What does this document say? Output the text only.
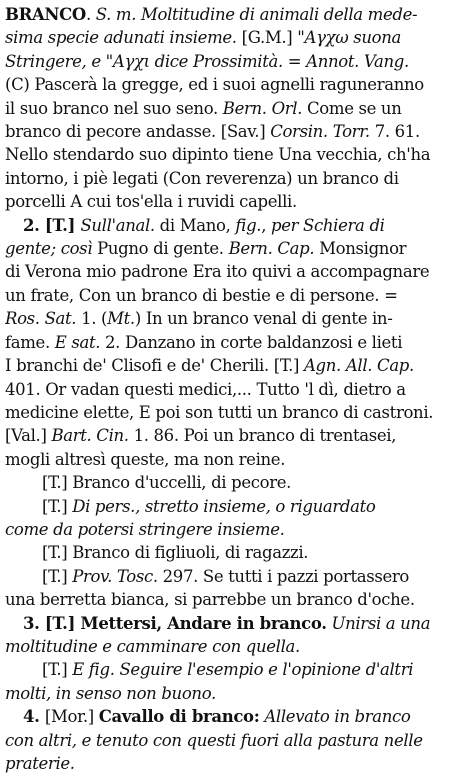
BRANCO. S. m. Moltitudine di animali della mede-
sima specie adunati insieme. [G.M.] "Αγχω suona
Stringere, e "Αγχι dice Prossimità. = Annot. Vang.
(C) Pascerà la gregge, ed i suoi agnelli raguneranno
il suo branco nel suo seno. Bern. Orl. Come se un
branco di pecore andasse. [Sav.] Corsin. Torr. 7. 61.
Nello stendardo suo dipinto tiene Una vecchia, ch'ha
intorno, i piè legati (Con reverenza) un branco di
porcelli A cui tos'ella i ruvidi capelli.
2. [T.] Sull'anal. di Mano, fig., per Schiera di
gente; così Pugno di gente. Bern. Cap. Monsignor
di Verona mio padrone Era ito quivi a accompagnare
un frate, Con un branco di bestie e di persone. =
Ros. Sat. 1. (Mt.) In un branco venal di gente in-
fame. E sat. 2. Danzano in corte baldanzosi e lieti
I branchi de' Clisofi e de' Cherili. [T.] Agn. All. Cap.
401. Or vadan questi medici,... Tutto 'l dì, dietro a
medicine elette, E poi son tutti un branco di castroni.
[Val.] Bart. Cin. 1. 86. Poi un branco di trentasei,
mogli altresì queste, ma non reine.
[T.] Branco d'uccelli, di pecore.
[T.] Di pers., stretto insieme, o riguardato
come da potersi stringere insieme.
[T.] Branco di figliuoli, di ragazzi.
[T.] Prov. Tosc. 297. Se tutti i pazzi portassero
una berretta bianca, si parrebbe un branco d'oche.
3. [T.] Mettersi, Andare in branco. Unirsi a una
moltitudine e camminare con quella.
[T.] E fig. Seguire l'esempio e l'opinione d'altri
molti, in senso non buono.
4. [Mor.] Cavallo di branco: Allevato in branco
con altri, e tenuto con questi fuori alla pastura nelle
praterie.
